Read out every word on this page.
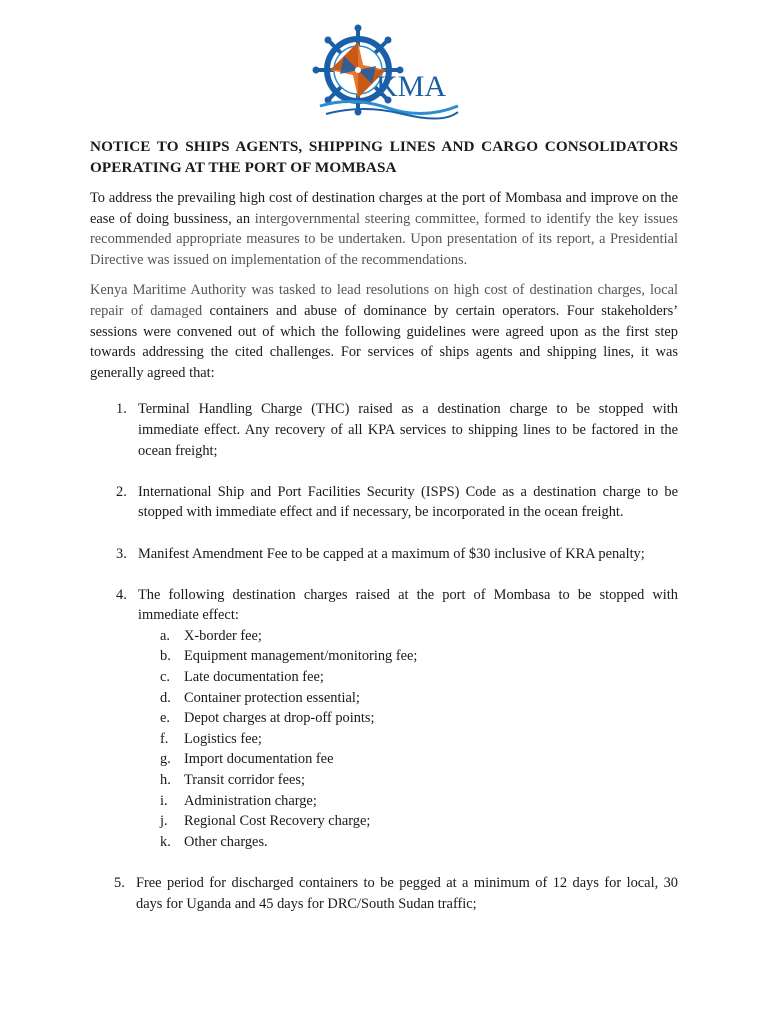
KMA
NOTICE TO SHIPS AGENTS, SHIPPING LINES AND CARGO CONSOLIDATORS OPERATING AT THE PORT OF MOMBASA

To address the prevailing high cost of destination charges at the port of Mombasa and improve on the ease of doing bussiness, an intergovernmental steering committee, formed to identify the key issues recommended appropriate measures to be undertaken. Upon presentation of its report, a Presidential Directive was issued on implementation of the recommendations.

Kenya Maritime Authority was tasked to lead resolutions on high cost of destination charges, local repair of damaged containers and abuse of dominance by certain operators. Four stakeholders’ sessions were convened out of which the following guidelines were agreed upon as the first step towards addressing the cited challenges. For services of ships agents and shipping lines, it was generally agreed that:

1. Terminal Handling Charge (THC) raised as a destination charge to be stopped with immediate effect. Any recovery of all KPA services to shipping lines to be factored in the ocean freight;
2. International Ship and Port Facilities Security (ISPS) Code as a destination charge to be stopped with immediate effect and if necessary, be incorporated in the ocean freight.
3. Manifest Amendment Fee to be capped at a maximum of $30 inclusive of KRA penalty;
4. The following destination charges raised at the port of Mombasa to be stopped with immediate effect:
a. X-border fee;
b. Equipment management/monitoring fee;
c. Late documentation fee;
d. Container protection essential;
e. Depot charges at drop-off points;
f. Logistics fee;
g. Import documentation fee
h. Transit corridor fees;
i. Administration charge;
j. Regional Cost Recovery charge;
k. Other charges.
5. Free period for discharged containers to be pegged at a minimum of 12 days for local, 30 days for Uganda and 45 days for DRC/South Sudan traffic;
